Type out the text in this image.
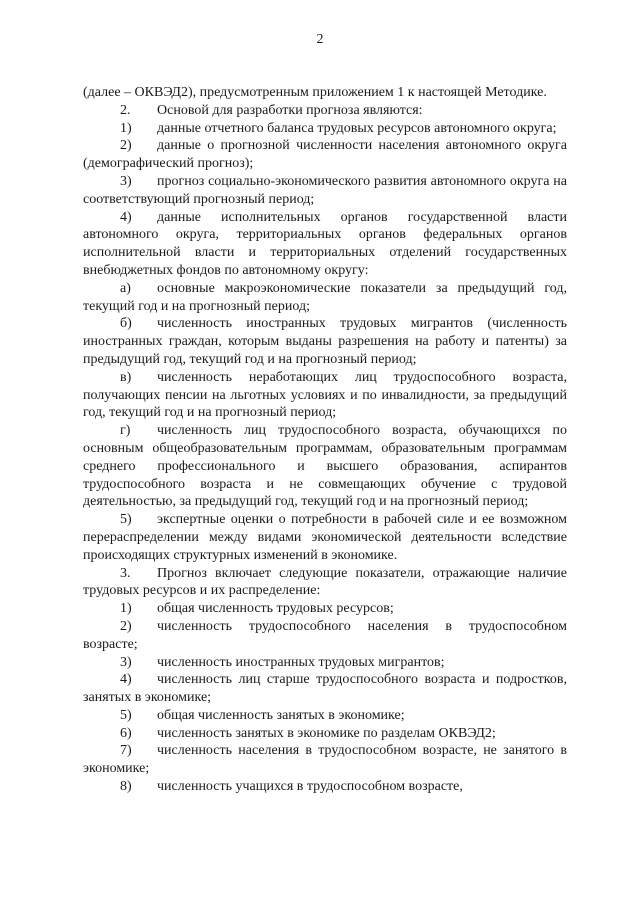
2

(далее – ОКВЭД2), предусмотренным приложением 1 к настоящей Методике.

2. Основой для разработки прогноза являются:

1) данные отчетного баланса трудовых ресурсов автономного округа;

2) данные о прогнозной численности населения автономного округа (демографический прогноз);

3) прогноз социально-экономического развития автономного округа на соответствующий прогнозный период;

4) данные исполнительных органов государственной власти автономного округа, территориальных органов федеральных органов исполнительной власти и территориальных отделений государственных внебюджетных фондов по автономному округу:

а) основные макроэкономические показатели за предыдущий год, текущий год и на прогнозный период;

б) численность иностранных трудовых мигрантов (численность иностранных граждан, которым выданы разрешения на работу и патенты) за предыдущий год, текущий год и на прогнозный период;

в) численность неработающих лиц трудоспособного возраста, получающих пенсии на льготных условиях и по инвалидности, за предыдущий год, текущий год и на прогнозный период;

г) численность лиц трудоспособного возраста, обучающихся по основным общеобразовательным программам, образовательным программам среднего профессионального и высшего образования, аспирантов трудоспособного возраста и не совмещающих обучение с трудовой деятельностью, за предыдущий год, текущий год и на прогнозный период;

5) экспертные оценки о потребности в рабочей силе и ее возможном перераспределении между видами экономической деятельности вследствие происходящих структурных изменений в экономике.

3. Прогноз включает следующие показатели, отражающие наличие трудовых ресурсов и их распределение:

1) общая численность трудовых ресурсов;

2) численность трудоспособного населения в трудоспособном возрасте;

3) численность иностранных трудовых мигрантов;

4) численность лиц старше трудоспособного возраста и подростков, занятых в экономике;

5) общая численность занятых в экономике;

6) численность занятых в экономике по разделам ОКВЭД2;

7) численность населения в трудоспособном возрасте, не занятого в экономике;

8) численность учащихся в трудоспособном возрасте,
